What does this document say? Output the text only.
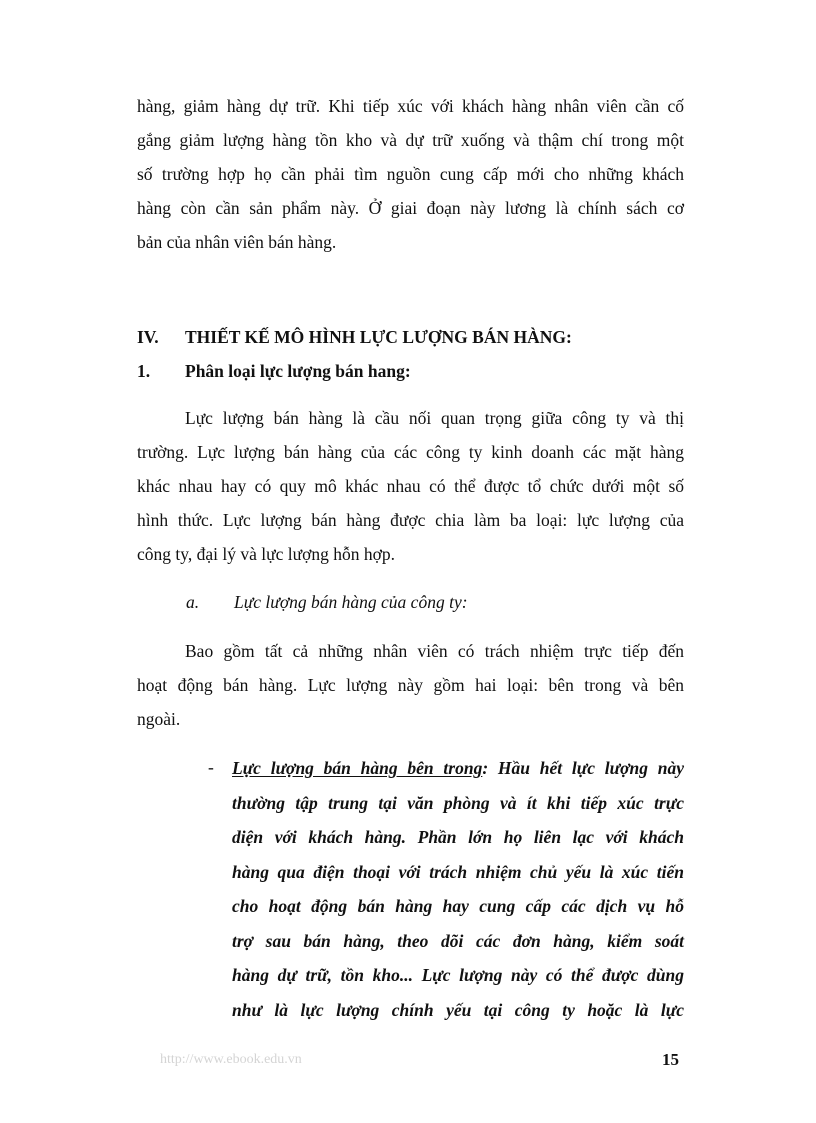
hàng, giảm hàng dự trữ. Khi tiếp xúc với khách hàng nhân viên cần cố
gắng giảm lượng hàng tồn kho và dự trữ xuống và thậm chí trong một
số trường hợp họ cần phải tìm nguồn cung cấp mới cho những khách
hàng còn cần sản phẩm này. Ở giai đoạn này lương là chính sách cơ
bản của nhân viên bán hàng.
IV. THIẾT KẾ MÔ HÌNH LỰC LƯỢNG BÁN HÀNG:
1. Phân loại lực lượng bán hang:
Lực lượng bán hàng là cầu nối quan trọng giữa công ty và thị
trường. Lực lượng bán hàng của các công ty kinh doanh các mặt hàng
khác nhau hay có quy mô khác nhau có thể được tổ chức dưới một số
hình thức. Lực lượng bán hàng được chia làm ba loại: lực lượng của
công ty, đại lý và lực lượng hỗn hợp.
a. Lực lượng bán hàng của công ty:
Bao gồm tất cả những nhân viên có trách nhiệm trực tiếp đến
hoạt động bán hàng. Lực lượng này gồm hai loại: bên trong và bên
ngoài.
- Lực lượng bán hàng bên trong: Hầu hết lực lượng này
thường tập trung tại văn phòng và ít khi tiếp xúc trực
diện với khách hàng. Phần lớn họ liên lạc với khách
hàng qua điện thoại với trách nhiệm chủ yếu là xúc tiến
cho hoạt động bán hàng hay cung cấp các dịch vụ hỗ
trợ sau bán hàng, theo dõi các đơn hàng, kiểm soát
hàng dự trữ, tồn kho... Lực lượng này có thể được dùng
như là lực lượng chính yếu tại công ty hoặc là lực
http://www.ebook.edu.vn	15
